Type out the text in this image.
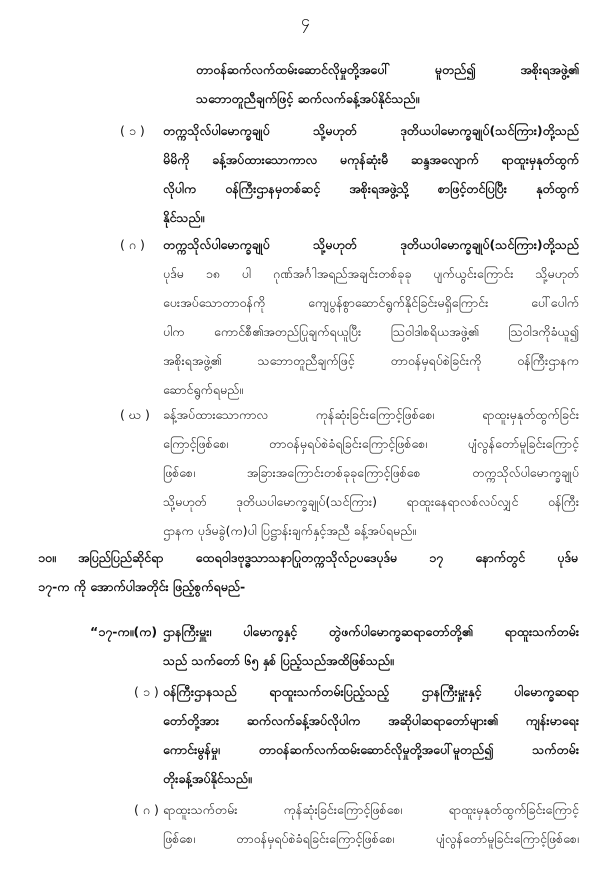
၄
တာဝန်ဆက်လက်ထမ်းဆောင်လိုမှုတို့အပေါ် မူတည်၍ အစိုးရအဖွဲ့၏
သဘောတူညီချက်ဖြင့် ဆက်လက်ခန့်အပ်နိုင်သည်။
( ၁ ) တက္ကသိုလ်ပါမောက္ခချုပ် သို့မဟုတ် ဒုတိယပါမောက္ခချုပ်(သင်ကြား)တို့သည်
မိမိကို ခန့်အပ်ထားသောကာလ မကုန်ဆုံးမီ ဆန္ဒအလျောက် ရာထူးမှနုတ်ထွက်
လိုပါက ဝန်ကြီးဌာနမှတစ်ဆင့် အစိုးရအဖွဲ့သို့ စာဖြင့်တင်ပြပြီး နုတ်ထွက်
နိုင်သည်။
( ဂ ) တက္ကသိုလ်ပါမောက္ခချုပ် သို့မဟုတ် ဒုတိယပါမောက္ခချုပ်(သင်ကြား)တို့သည်
ပုဒ်မ ၁၈ ပါ ဂုဏ်အင်္ဂါအရည်အချင်းတစ်ခုခု ပျက်ယွင်းကြောင်း သို့မဟုတ်
ပေးအပ်သောတာဝန်ကို ကျေပွန်စွာဆောင်ရွက်နိုင်ခြင်းမရှိကြောင်း ပေါ်ပေါက်
ပါက ကောင်စီ၏အတည်ပြုချက်ရယူပြီး ဩဝါဒါစရိယအဖွဲ့၏ ဩဝါဒကိုခံယူ၍
အစိုးရအဖွဲ့၏ သဘောတူညီချက်ဖြင့် တာဝန်မှရပ်စဲခြင်းကို ဝန်ကြီးဌာနက
ဆောင်ရွက်ရမည်။
( ဃ ) ခန့်အပ်ထားသောကာလ ကုန်ဆုံးခြင်းကြောင့်ဖြစ်စေ၊ ရာထူးမှနုတ်ထွက်ခြင်း
ကြောင့်ဖြစ်စေ၊ တာဝန်မှရပ်စဲခံရခြင်းကြောင့်ဖြစ်စေ၊ ပျံလွန်တော်မူခြင်းကြောင့်
ဖြစ်စေ၊ အခြားအကြောင်းတစ်ခုခုကြောင့်ဖြစ်စေ တက္ကသိုလ်ပါမောက္ခချုပ်
သို့မဟုတ် ဒုတိယပါမောက္ခချုပ်(သင်ကြား) ရာထူးနေရာလစ်လပ်လျှင် ဝန်ကြီး
ဌာနက ပုဒ်မခွဲ(က)ပါ ပြဋ္ဌာန်းချက်နှင့်အညီ ခန့်အပ်ရမည်။
၁၀။ အပြည်ပြည်ဆိုင်ရာ ထေရဝါဒဗုဒ္ဓသာသနာပြုတက္ကသိုလ်ဥပဒေပုဒ်မ ၁၇ နောက်တွင် ပုဒ်မ
၁၇-က ကို အောက်ပါအတိုင်း ဖြည့်စွက်ရမည်-
“၁၇-က။(က) ဌာနကြီးမှူး၊ ပါမောက္ခနှင့် တွဲဖက်ပါမောက္ခဆရာတော်တို့၏ ရာထူးသက်တမ်း
သည် သက်တော် ၆၅ နှစ် ပြည့်သည်အထိဖြစ်သည်။
( ၁ ) ဝန်ကြီးဌာနသည် ရာထူးသက်တမ်းပြည့်သည့် ဌာနကြီးမှူးနှင့် ပါမောက္ခဆရာ
တော်တို့အား ဆက်လက်ခန့်အပ်လိုပါက အဆိုပါဆရာတော်များ၏ ကျန်းမာရေး
ကောင်းမွန်မှု၊ တာဝန်ဆက်လက်ထမ်းဆောင်လိုမှုတို့အပေါ်မူတည်၍ သက်တမ်း
တိုးခန့်အပ်နိုင်သည်။
( ဂ ) ရာထူးသက်တမ်း ကုန်ဆုံးခြင်းကြောင့်ဖြစ်စေ၊ ရာထူးမှနုတ်ထွက်ခြင်းကြောင့်
ဖြစ်စေ၊ တာဝန်မှရပ်စဲခံရခြင်းကြောင့်ဖြစ်စေ၊ ပျံလွန်တော်မူခြင်းကြောင့်ဖြစ်စေ၊
